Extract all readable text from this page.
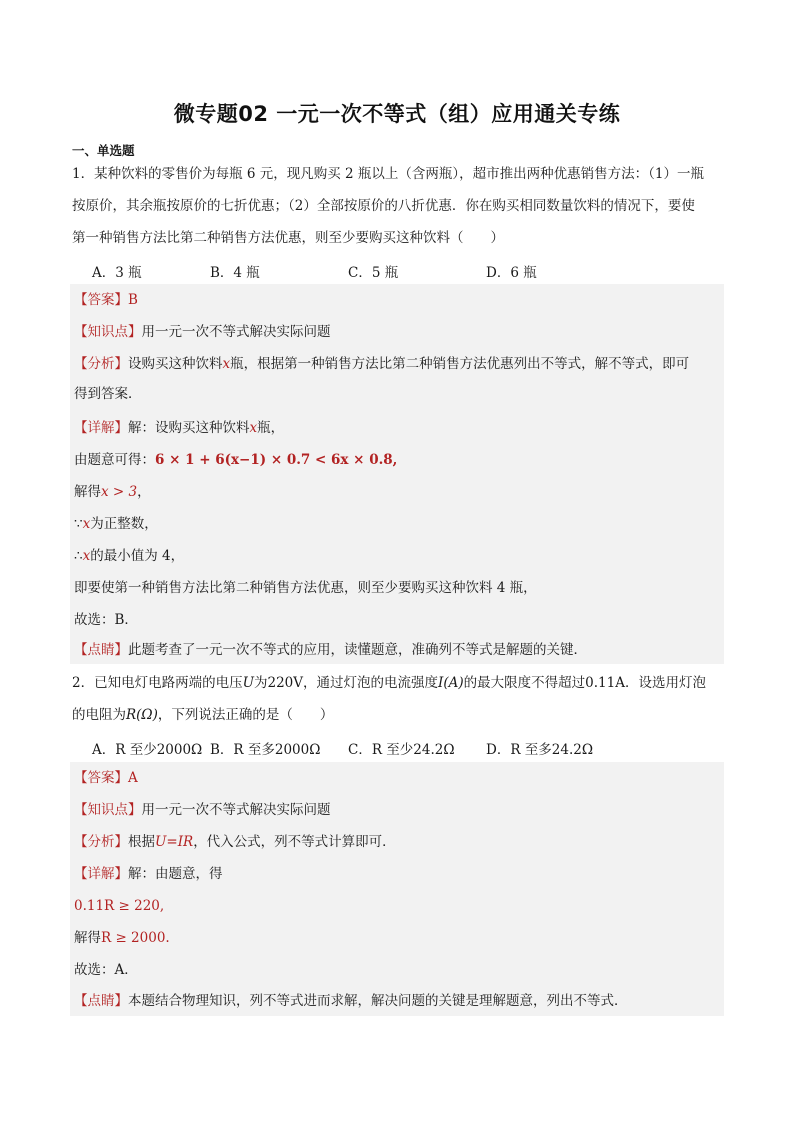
微专题02 一元一次不等式（组）应用通关专练
一、单选题
1．某种饮料的零售价为每瓶 6 元，现凡购买 2 瓶以上（含两瓶），超市推出两种优惠销售方法：（1）一瓶
按原价，其余瓶按原价的七折优惠；（2）全部按原价的八折优惠．你在购买相同数量饮料的情况下，要使
第一种销售方法比第二种销售方法优惠，则至少要购买这种饮料（　　）
A．3 瓶	B．4 瓶	C．5 瓶	D．6 瓶
【答案】B
【知识点】用一元一次不等式解决实际问题
【分析】设购买这种饮料x瓶，根据第一种销售方法比第二种销售方法优惠列出不等式，解不等式，即可
得到答案．
【详解】解：设购买这种饮料x瓶，
由题意可得：6 × 1 + 6(x−1) × 0.7 < 6x × 0.8,
解得x > 3，
∵x为正整数，
∴x的最小值为 4，
即要使第一种销售方法比第二种销售方法优惠，则至少要购买这种饮料 4 瓶，
故选：B．
【点睛】此题考查了一元一次不等式的应用，读懂题意，准确列不等式是解题的关键．
2．已知电灯电路两端的电压U为220V，通过灯泡的电流强度I(A)的最大限度不得超过0.11A．设选用灯泡
的电阻为R(Ω)，下列说法正确的是（　　）
A．R 至少2000Ω B．R 至多2000Ω C．R 至少24.2Ω D．R 至多24.2Ω
【答案】A
【知识点】用一元一次不等式解决实际问题
【分析】根据U=IR，代入公式，列不等式计算即可．
【详解】解：由题意，得
0.11R ≥ 220,
解得R ≥ 2000.
故选：A．
【点睛】本题结合物理知识，列不等式进而求解，解决问题的关键是理解题意，列出不等式．
